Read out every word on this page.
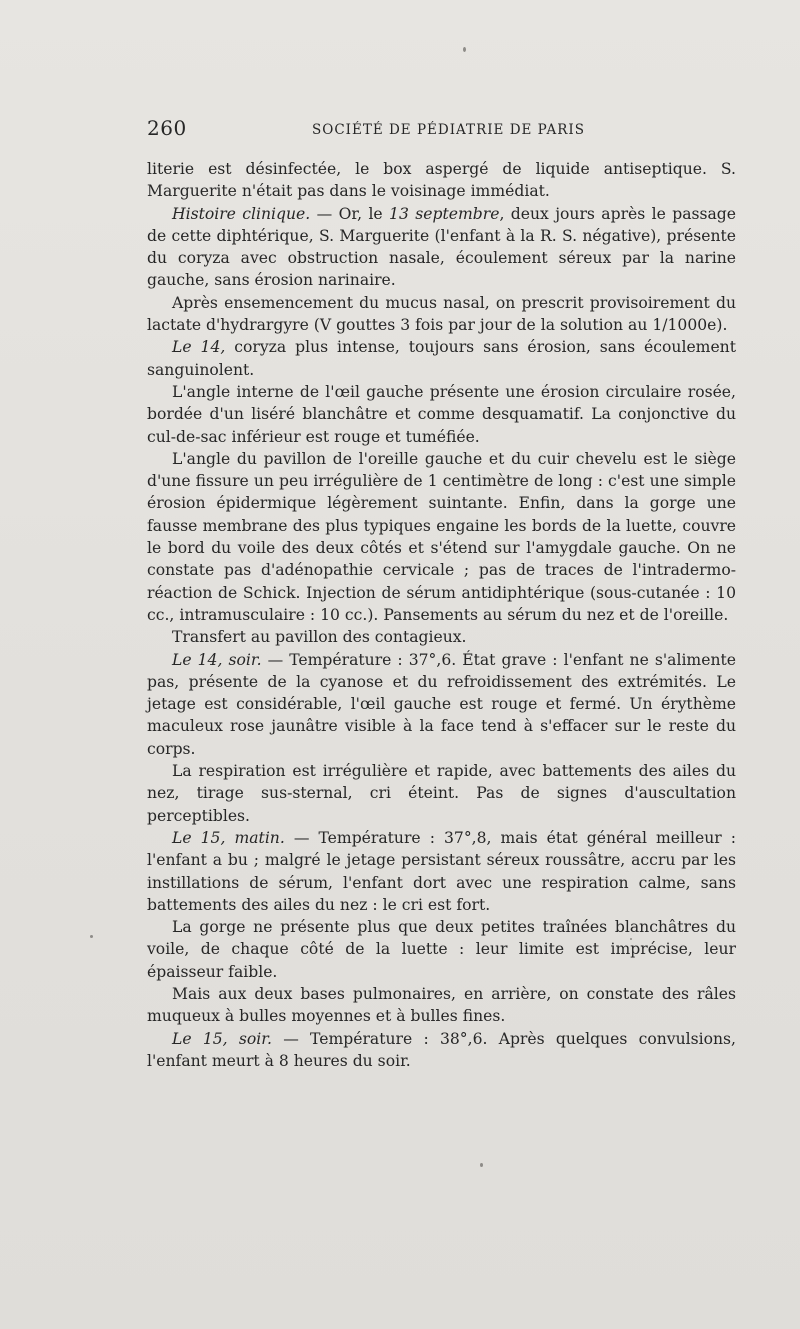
260	SOCIÉTÉ DE PÉDIATRIE DE PARIS

literie est désinfectée, le box aspergé de liquide antiseptique. S. Marguerite n'était pas dans le voisinage immédiat.

Histoire clinique. — Or, le 13 septembre, deux jours après le passage de cette diphtérique, S. Marguerite (l'enfant à la R. S. négative), présente du coryza avec obstruction nasale, écoulement séreux par la narine gauche, sans érosion narinaire.

Après ensemencement du mucus nasal, on prescrit provisoirement du lactate d'hydrargyre (V gouttes 3 fois par jour de la solution au 1/1000e).

Le 14, coryza plus intense, toujours sans érosion, sans écoulement sanguinolent.

L'angle interne de l'œil gauche présente une érosion circulaire rosée, bordée d'un liséré blanchâtre et comme desquamatif. La conjonctive du cul-de-sac inférieur est rouge et tuméfiée.

L'angle du pavillon de l'oreille gauche et du cuir chevelu est le siège d'une fissure un peu irrégulière de 1 centimètre de long : c'est une simple érosion épidermique légèrement suintante. Enfin, dans la gorge une fausse membrane des plus typiques engaine les bords de la luette, couvre le bord du voile des deux côtés et s'étend sur l'amygdale gauche. On ne constate pas d'adénopathie cervicale ; pas de traces de l'intradermo-réaction de Schick. Injection de sérum antidiphtérique (sous-cutanée : 10 cc., intramusculaire : 10 cc.). Pansements au sérum du nez et de l'oreille.

Transfert au pavillon des contagieux.

Le 14, soir. — Température : 37°,6. État grave : l'enfant ne s'alimente pas, présente de la cyanose et du refroidissement des extrémités. Le jetage est considérable, l'œil gauche est rouge et fermé. Un érythème maculeux rose jaunâtre visible à la face tend à s'effacer sur le reste du corps.

La respiration est irrégulière et rapide, avec battements des ailes du nez, tirage sus-sternal, cri éteint. Pas de signes d'auscultation perceptibles.

Le 15, matin. — Température : 37°,8, mais état général meilleur : l'enfant a bu ; malgré le jetage persistant séreux roussâtre, accru par les instillations de sérum, l'enfant dort avec une respiration calme, sans battements des ailes du nez : le cri est fort.

La gorge ne présente plus que deux petites traînées blanchâtres du voile, de chaque côté de la luette : leur limite est imprécise, leur épaisseur faible.

Mais aux deux bases pulmonaires, en arrière, on constate des râles muqueux à bulles moyennes et à bulles fines.

Le 15, soir. — Température : 38°,6. Après quelques convulsions, l'enfant meurt à 8 heures du soir.
